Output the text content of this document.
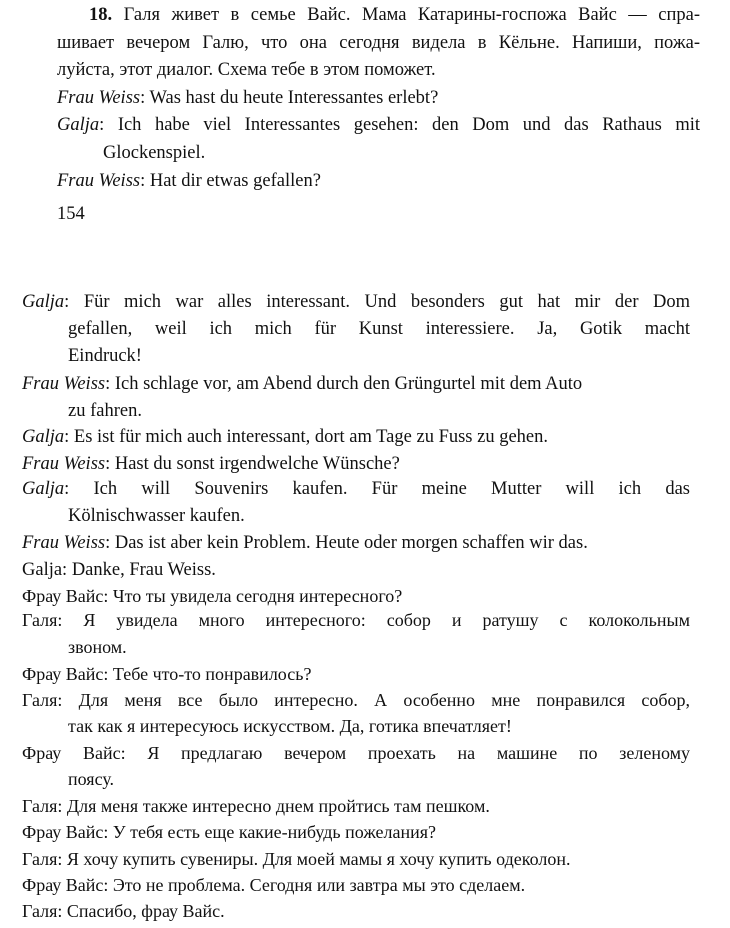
18. Галя живет в семье Вайс. Мама Катарины-госпожа Вайс — спра-

шивает вечером Галю, что она сегодня видела в Кёльне. Напиши, пожа-

луйста, этот диалог. Схема тебе в этом поможет.

Frau Weiss: Was hast du heute Interessantes erlebt?

Galja: Ich habe viel Interessantes gesehen: den Dom und das Rathaus mit

Glockenspiel.

Frau Weiss: Hat dir etwas gefallen?

154

Galja: Für mich war alles interessant. Und besonders gut hat mir der Dom

gefallen, weil ich mich für Kunst interessiere. Ja, Gotik macht

Eindruck!

Frau Weiss: Ich schlage vor, am Abend durch den Grüngurtel mit dem Auto

zu fahren.

Galja: Es ist für mich auch interessant, dort am Tage zu Fuss zu gehen.

Frau Weiss: Hast du sonst irgendwelche Wünsche?

Galja: Ich will Souvenirs kaufen. Für meine Mutter will ich das

Kölnischwasser kaufen.

Frau Weiss: Das ist aber kein Problem. Heute oder morgen schaffen wir das.

Galja: Danke, Frau Weiss.

Фрау Вайс: Что ты увидела сегодня интересного?

Галя: Я увидела много интересного: собор и ратушу с колокольным

звоном.

Фрау Вайс: Тебе что-то понравилось?

Галя: Для меня все было интересно. А особенно мне понравился собор,

так как я интересуюсь искусством. Да, готика впечатляет!

Фрау Вайс: Я предлагаю вечером проехать на машине по зеленому

поясу.

Галя: Для меня также интересно днем пройтись там пешком.

Фрау Вайс: У тебя есть еще какие-нибудь пожелания?

Галя: Я хочу купить сувениры. Для моей мамы я хочу купить одеколон.

Фрау Вайс: Это не проблема. Сегодня или завтра мы это сделаем.

Галя: Спасибо, фрау Вайс.
